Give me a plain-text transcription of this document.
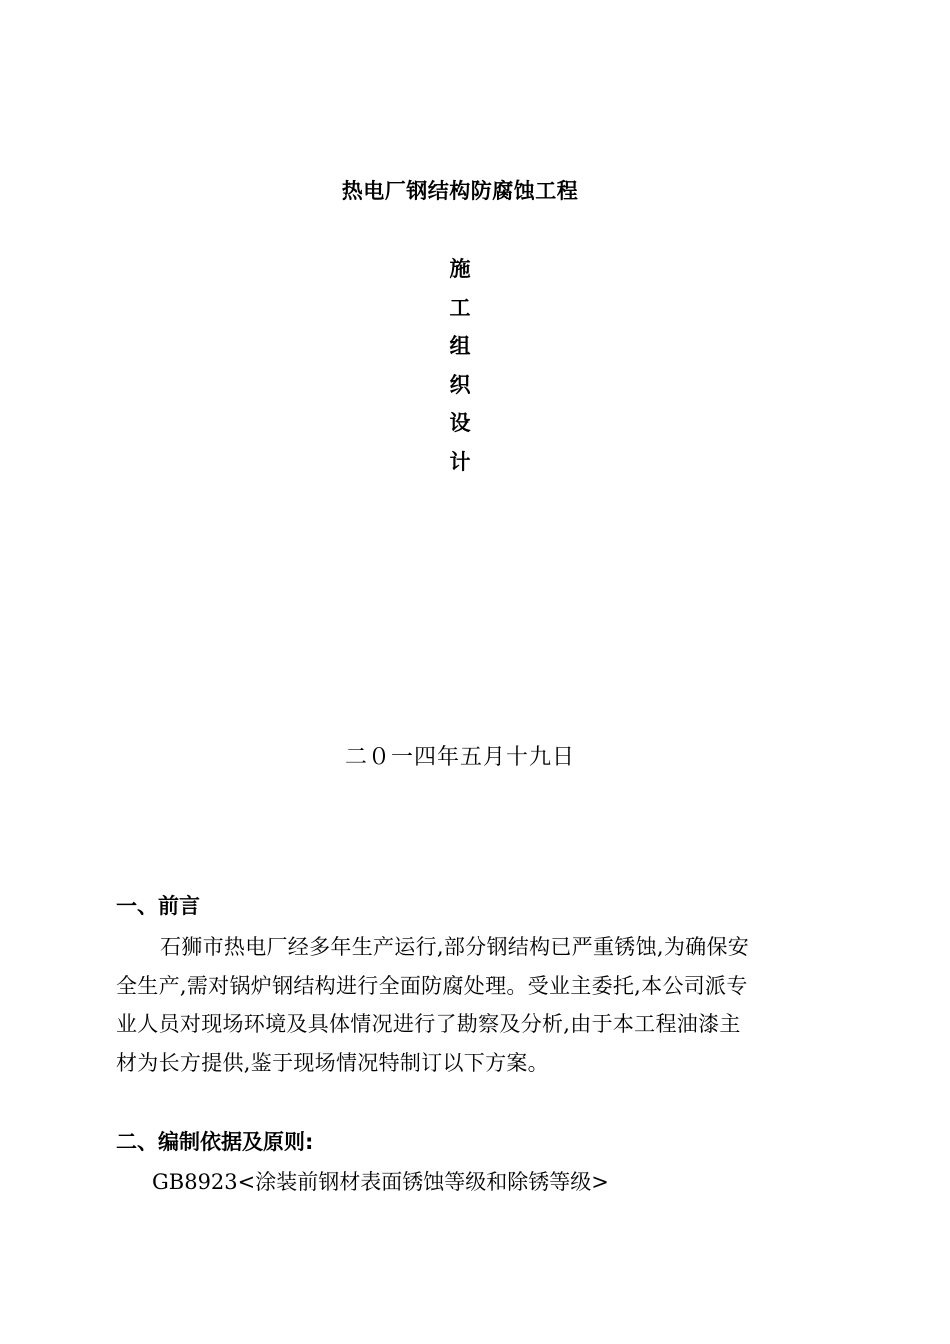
热电厂钢结构防腐蚀工程
施
工
组
织
设
计
二０一四年五月十九日
一、前言
石狮市热电厂经多年生产运行,部分钢结构已严重锈蚀,为确保安
全生产,需对锅炉钢结构进行全面防腐处理。受业主委托,本公司派专
业人员对现场环境及具体情况进行了勘察及分析,由于本工程油漆主
材为长方提供,鉴于现场情况特制订以下方案。
二、编制依据及原则:
GB8923<涂装前钢材表面锈蚀等级和除锈等级>
